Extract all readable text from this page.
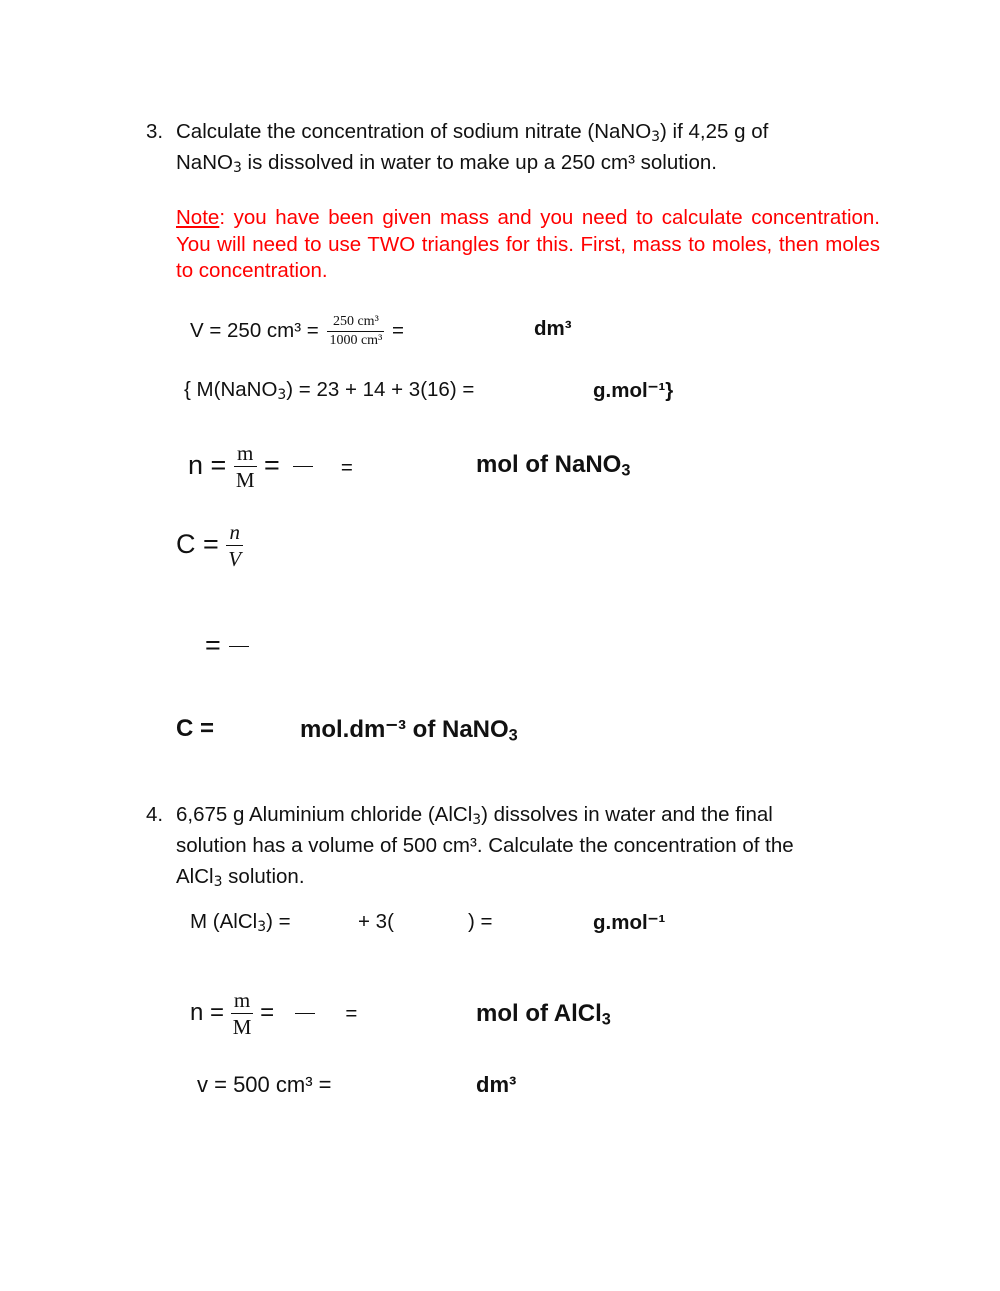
3. Calculate the concentration of sodium nitrate (NaNO$_3$) if 4,25 g of
NaNO$_3$ is dissolved in water to make up a 250 cm³ solution.
Note: you have been given mass and you need to calculate concentration. You will need to use TWO triangles for this. First, mass to moles, then moles to concentration.
V = 250 $cm^3 = \frac{\text{250 cm³}}{\text{1000 cm³}}$ =	dm³
{ M(NaNO$_3$) = 23 + 14 + 3(16) =	g.mol⁻¹}
$n = \frac{m}{M}$ =	=	mol of NaNO$_3$
$C = \frac{n}{V}$
=
C =	mol.dm⁻³ of NaNO$_3$
4. 6,675 g Aluminium chloride (AlCl$_3$) dissolves in water and the final
solution has a volume of 500 cm³. Calculate the concentration of the
AlCl$_3$ solution.
M (AlCl$_3$) =	+ 3(	) =	g.mol⁻¹
$n = \frac{m}{M}$ =	=	mol of AlCl$_3$
v = 500 cm³ =	dm³
